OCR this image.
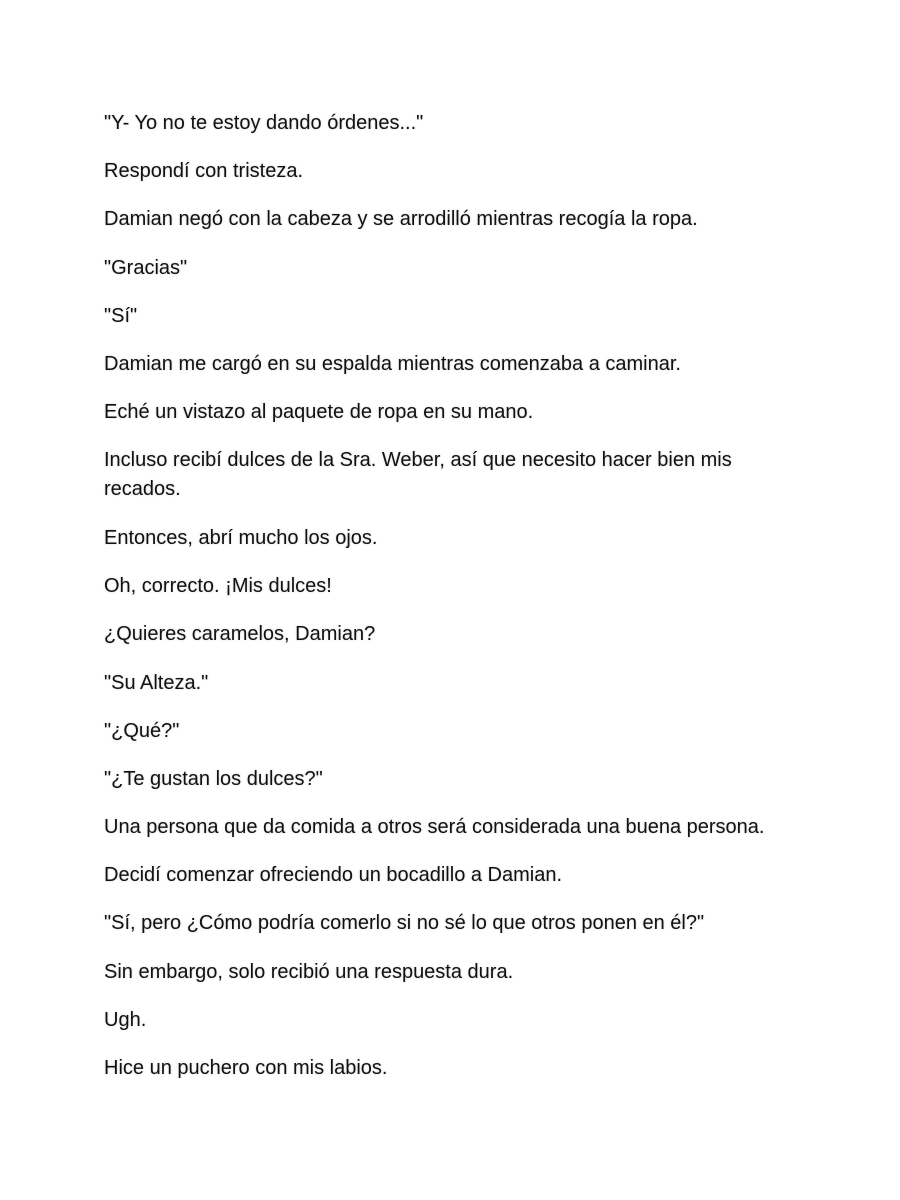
"Y- Yo no te estoy dando órdenes..."

Respondí con tristeza.

Damian negó con la cabeza y se arrodilló mientras recogía la ropa.

"Gracias"

"Sí"

Damian me cargó en su espalda mientras comenzaba a caminar.

Eché un vistazo al paquete de ropa en su mano.

Incluso recibí dulces de la Sra. Weber, así que necesito hacer bien mis recados.

Entonces, abrí mucho los ojos.

Oh, correcto. ¡Mis dulces!

¿Quieres caramelos, Damian?

"Su Alteza."

"¿Qué?"

"¿Te gustan los dulces?"

Una persona que da comida a otros será considerada una buena persona.

Decidí comenzar ofreciendo un bocadillo a Damian.

"Sí, pero ¿Cómo podría comerlo si no sé lo que otros ponen en él?"

Sin embargo, solo recibió una respuesta dura.

Ugh.

Hice un puchero con mis labios.
